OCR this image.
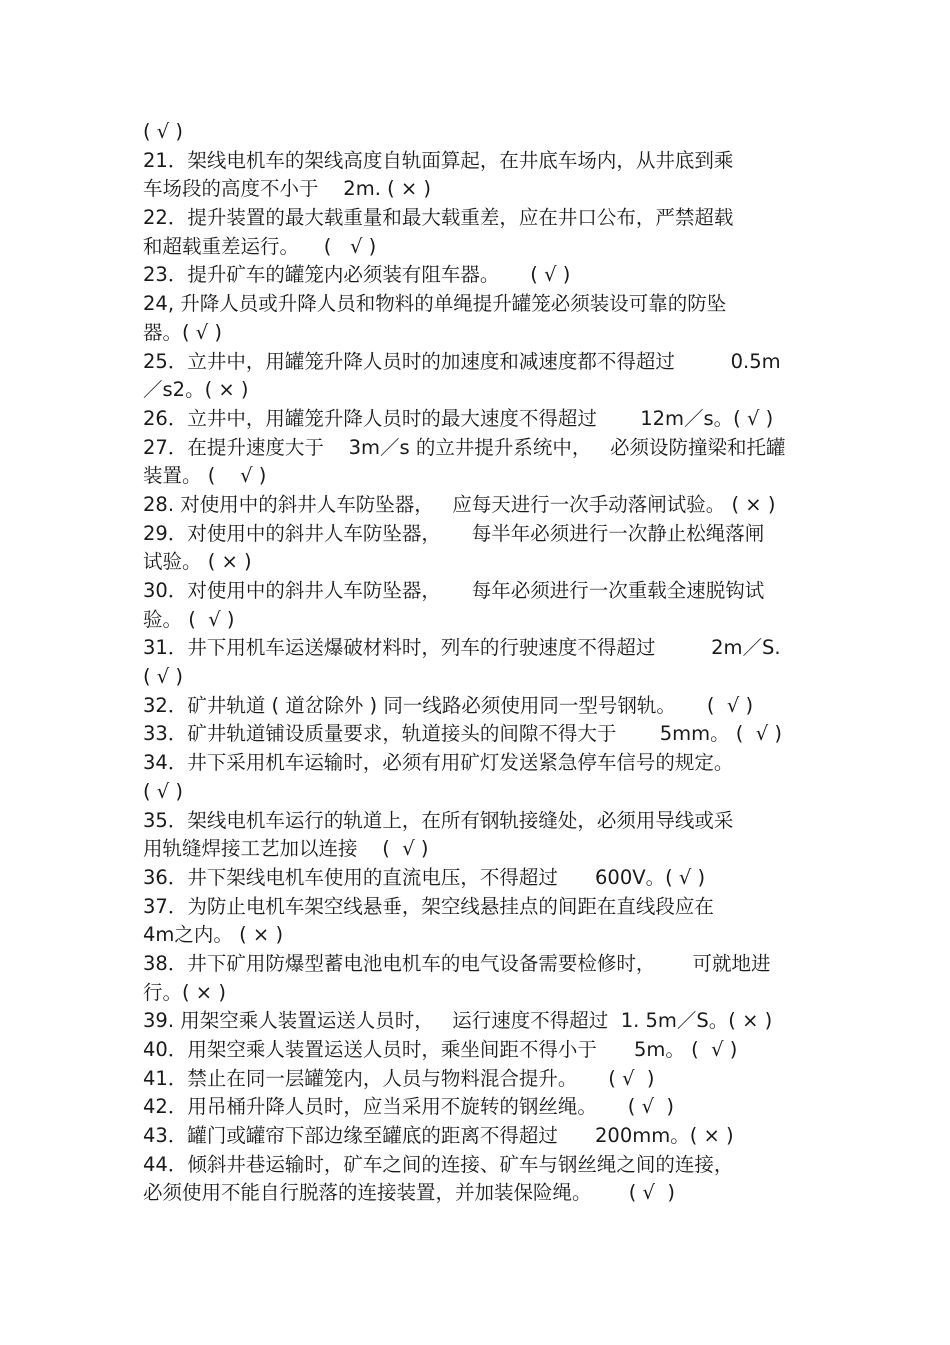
( √ )
21．架线电机车的架线高度自轨面算起，在井底车场内，从井底到乘
车场段的高度不小于    2m. ( × )
22．提升装置的最大载重量和最大载重差，应在井口公布，严禁超载
和超载重差运行。    (   √ )
23．提升矿车的罐笼内必须装有阻车器。     ( √ )
24, 升降人员或升降人员和物料的单绳提升罐笼必须装设可靠的防坠
器。( √ )
25．立井中，用罐笼升降人员时的加速度和减速度都不得超过         0.5m
／s2。( × )
26．立井中，用罐笼升降人员时的最大速度不得超过       12m／s。( √ )
27．在提升速度大于    3m／s 的立井提升系统中，   必须设防撞梁和托罐
装置。 (    √ )
28. 对使用中的斜井人车防坠器，   应每天进行一次手动落闸试验。 ( × )
29．对使用中的斜井人车防坠器，     每半年必须进行一次静止松绳落闸
试验。 ( × )
30．对使用中的斜井人车防坠器，     每年必须进行一次重载全速脱钩试
验。 (  √ )
31．井下用机车运送爆破材料时，列车的行驶速度不得超过         2m／S.
( √ )
32．矿井轨道 ( 道岔除外 ) 同一线路必须使用同一型号钢轨。     (  √ )
33．矿井轨道铺设质量要求，轨道接头的间隙不得大于       5mm。 (  √ )
34．井下采用机车运输时，必须有用矿灯发送紧急停车信号的规定。
( √ )
35．架线电机车运行的轨道上，在所有钢轨接缝处，必须用导线或采
用轨缝焊接工艺加以连接    (  √ )
36．井下架线电机车使用的直流电压，不得超过      600V。( √ )
37．为防止电机车架空线悬垂，架空线悬挂点的间距在直线段应在
4m之内。 ( × )
38．井下矿用防爆型蓄电池电机车的电气设备需要检修时，      可就地进
行。( × )
39. 用架空乘人装置运送人员时，   运行速度不得超过  1. 5m／S。( × )
40．用架空乘人装置运送人员时，乘坐间距不得小于      5m。 (  √ )
41．禁止在同一层罐笼内，人员与物料混合提升。     ( √  )
42．用吊桶升降人员时，应当采用不旋转的钢丝绳。     ( √  )
43．罐门或罐帘下部边缘至罐底的距离不得超过      200mm。( × )
44．倾斜井巷运输时，矿车之间的连接、矿车与钢丝绳之间的连接，
必须使用不能自行脱落的连接装置，并加装保险绳。      ( √  )
